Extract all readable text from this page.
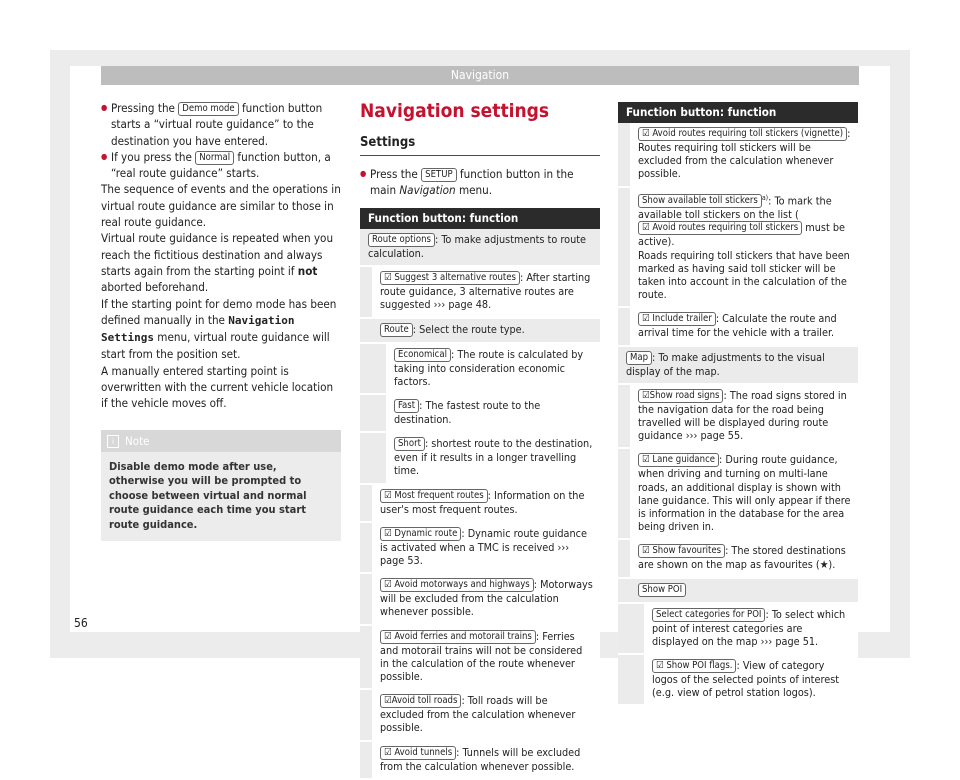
Navigation

● Pressing the Demo mode function button starts a “virtual route guidance” to the destination you have entered.

● If you press the Normal function button, a “real route guidance” starts.

The sequence of events and the operations in virtual route guidance are similar to those in real route guidance.

Virtual route guidance is repeated when you reach the fictitious destination and always starts again from the starting point if not aborted beforehand.

If the starting point for demo mode has been defined manually in the Navigation Settings menu, virtual route guidance will start from the position set.

A manually entered starting point is overwritten with the current vehicle location if the vehicle moves off.

i Note
Disable demo mode after use, otherwise you will be prompted to choose between virtual and normal route guidance each time you start route guidance.
Navigation settings
Settings

● Press the SETUP function button in the main Navigation menu.

Function button: function
Route options : To make adjustments to route calculation.
☑ Suggest 3 alternative routes : After starting route guidance, 3 alternative routes are suggested ››› page 48.
Route : Select the route type.
Economical : The route is calculated by taking into consideration economic factors.
Fast : The fastest route to the destination.
Short : shortest route to the destination, even if it results in a longer travelling time.
☑ Most frequent routes : Information on the user's most frequent routes.
☑ Dynamic route : Dynamic route guidance is activated when a TMC is received ››› page 53.
☑ Avoid motorways and highways : Motorways will be excluded from the calculation whenever possible.
☑ Avoid ferries and motorail trains : Ferries and motorail trains will not be considered in the calculation of the route whenever possible.
☑Avoid toll roads : Toll roads will be excluded from the calculation whenever possible.
☑ Avoid tunnels : Tunnels will be excluded from the calculation whenever possible.
Function button: function
☑ Avoid routes requiring toll stickers (vignette) : Routes requiring toll stickers will be excluded from the calculation whenever possible.
Show available toll stickers $^{a)}$: To mark the available toll stickers on the list (☑ Avoid routes requiring toll stickers must be active).
Roads requiring toll stickers that have been marked as having said toll sticker will be taken into account in the calculation of the route.
☑ Include trailer : Calculate the route and arrival time for the vehicle with a trailer.
Map : To make adjustments to the visual display of the map.
☑Show road signs : The road signs stored in the navigation data for the road being travelled will be displayed during route guidance ››› page 55.
☑ Lane guidance : During route guidance, when driving and turning on multi-lane roads, an additional display is shown with lane guidance. This will only appear if there is information in the database for the area being driven in.
☑ Show favourites : The stored destinations are shown on the map as favourites (★).
Show POI
Select categories for POI : To select which point of interest categories are displayed on the map ››› page 51.
☑ Show POI flags. : View of category logos of the selected points of interest (e.g. view of petrol station logos).
56
